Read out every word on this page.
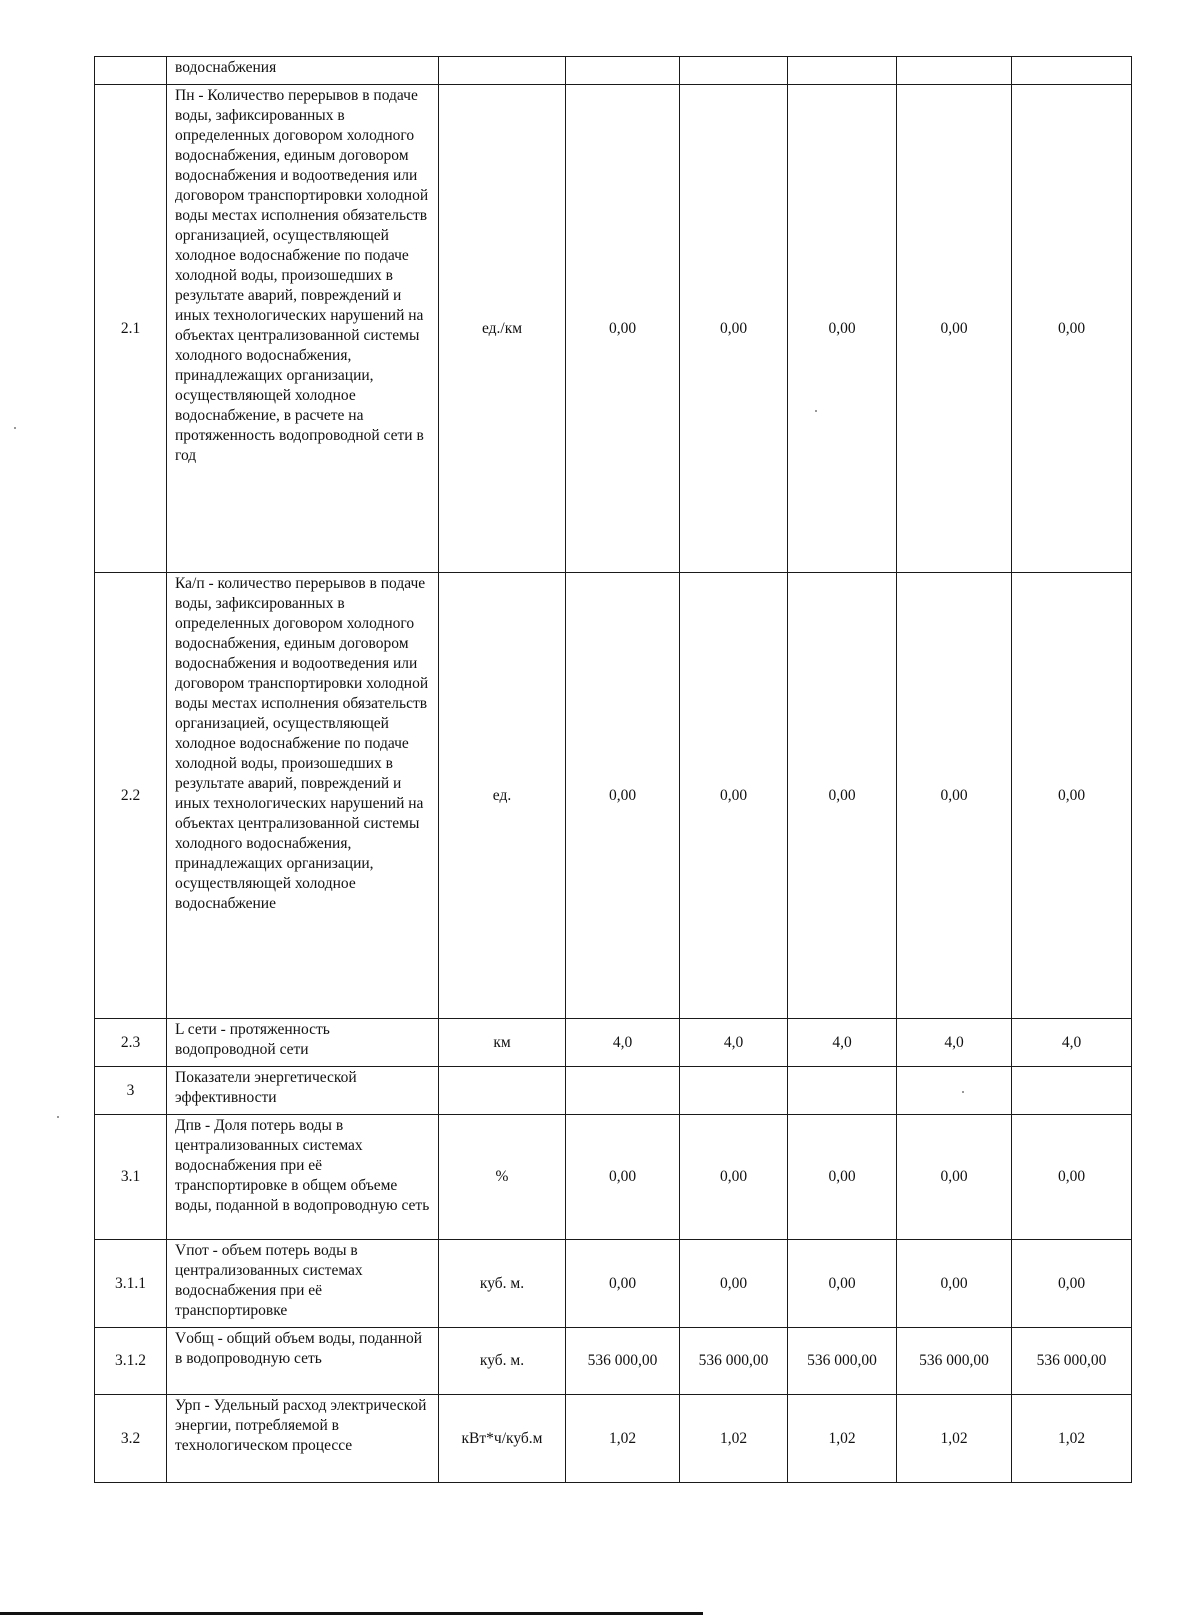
	водоснабжения						
2.1	Пн - Количество перерывов в подаче воды, зафиксированных в определенных договором холодного водоснабжения, единым договором водоснабжения и водоотведения или договором транспортировки холодной воды местах исполнения обязательств организацией, осуществляющей холодное водоснабжение по подаче холодной воды, произошедших в результате аварий, повреждений и иных технологических нарушений на объектах централизованной системы холодного водоснабжения, принадлежащих организации, осуществляющей холодное водоснабжение, в расчете на протяженность водопроводной сети в год	ед./км	0,00	0,00	0,00	0,00	0,00
2.2	Ка/п - количество перерывов в подаче воды, зафиксированных в определенных договором холодного водоснабжения, единым договором водоснабжения и водоотведения или договором транспортировки холодной воды местах исполнения обязательств организацией, осуществляющей холодное водоснабжение по подаче холодной воды, произошедших в результате аварий, повреждений и иных технологических нарушений на объектах централизованной системы холодного водоснабжения, принадлежащих организации, осуществляющей холодное водоснабжение	ед.	0,00	0,00	0,00	0,00	0,00
2.3	L сети - протяженность водопроводной сети	км	4,0	4,0	4,0	4,0	4,0
3	Показатели энергетической эффективности						
3.1	Дпв - Доля потерь воды в централизованных системах водоснабжения при её транспортировке в общем объеме воды, поданной в водопроводную сеть	%	0,00	0,00	0,00	0,00	0,00
3.1.1	Vпот - объем потерь воды в централизованных системах водоснабжения при её транспортировке	куб. м.	0,00	0,00	0,00	0,00	0,00
3.1.2	Vобщ - общий объем воды, поданной в водопроводную сеть	куб. м.	536 000,00	536 000,00	536 000,00	536 000,00	536 000,00
3.2	Урп - Удельный расход электрической энергии, потребляемой в технологическом процессе	кВт*ч/куб.м	1,02	1,02	1,02	1,02	1,02
